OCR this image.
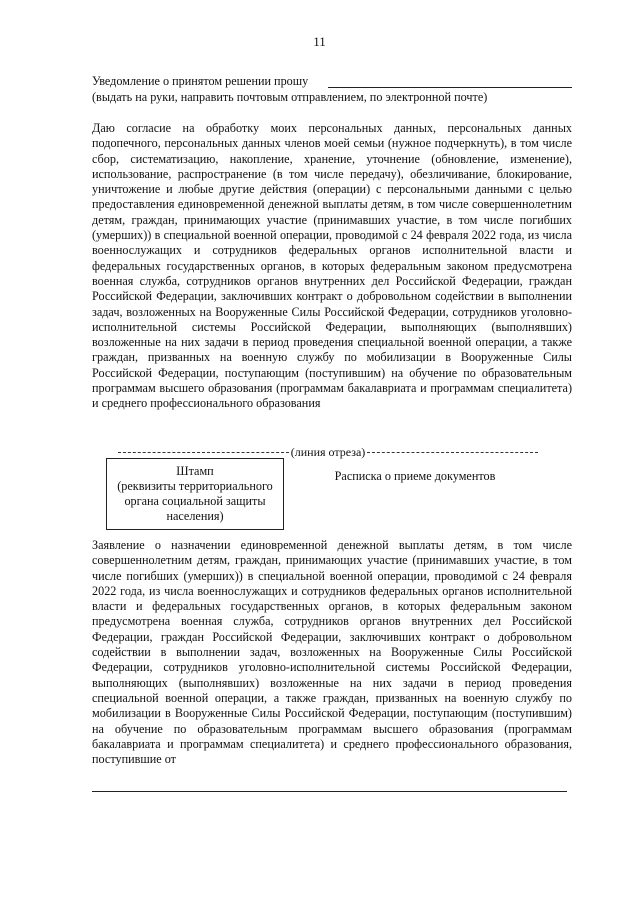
11
Уведомление о принятом решении прошу
(выдать на руки, направить почтовым отправлением, по электронной почте)

Даю согласие на обработку моих персональных данных, персональных данных подопечного, персональных данных членов моей семьи (нужное подчеркнуть), в том числе сбор, систематизацию, накопление, хранение, уточнение (обновление, изменение), использование, распространение (в том числе передачу), обезличивание, блокирование, уничтожение и любые другие действия (операции) с персональными данными с целью предоставления единовременной денежной выплаты детям, в том числе совершеннолетним детям, граждан, принимающих участие (принимавших участие, в том числе погибших (умерших)) в специальной военной операции, проводимой с 24 февраля 2022 года, из числа военнослужащих и сотрудников федеральных органов исполнительной власти и федеральных государственных органов, в которых федеральным законом предусмотрена военная служба, сотрудников органов внутренних дел Российской Федерации, граждан Российской Федерации, заключивших контракт о добровольном содействии в выполнении задач, возложенных на Вооруженные Силы Российской Федерации, сотрудников уголовно-исполнительной системы Российской Федерации, выполняющих (выполнявших) возложенные на них задачи в период проведения специальной военной операции, а также граждан, призванных на военную службу по мобилизации в Вооруженные Силы Российской Федерации, поступающим (поступившим) на обучение по образовательным программам высшего образования (программам бакалавриата и программам специалитета) и среднего профессионального образования

(линия отреза)
Штамп
(реквизиты территориального органа социальной защиты населения)
Расписка о приеме документов

Заявление о назначении единовременной денежной выплаты детям, в том числе совершеннолетним детям, граждан, принимающих участие (принимавших участие, в том числе погибших (умерших)) в специальной военной операции, проводимой с 24 февраля 2022 года, из числа военнослужащих и сотрудников федеральных органов исполнительной власти и федеральных государственных органов, в которых федеральным законом предусмотрена военная служба, сотрудников органов внутренних дел Российской Федерации, граждан Российской Федерации, заключивших контракт о добровольном содействии в выполнении задач, возложенных на Вооруженные Силы Российской Федерации, сотрудников уголовно-исполнительной системы Российской Федерации, выполняющих (выполнявших) возложенные на них задачи в период проведения специальной военной операции, а также граждан, призванных на военную службу по мобилизации в Вооруженные Силы Российской Федерации, поступающим (поступившим) на обучение по образовательным программам высшего образования (программам бакалавриата и программам специалитета) и среднего профессионального образования, поступившие от
